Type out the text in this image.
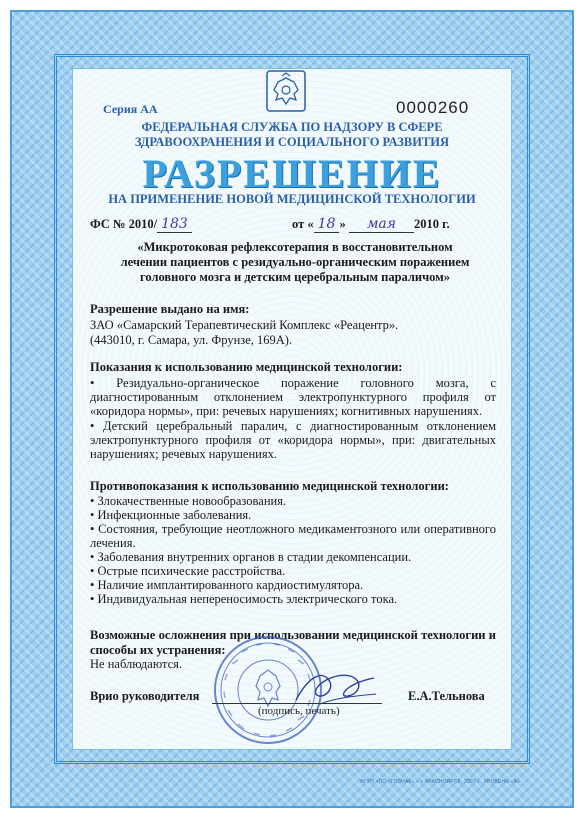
Серия АА	0000260
ФЕДЕРАЛЬНАЯ СЛУЖБА ПО НАДЗОРУ В СФЕРЕ
ЗДРАВООХРАНЕНИЯ И СОЦИАЛЬНОГО РАЗВИТИЯ
РАЗРЕШЕНИЕ
НА ПРИМЕНЕНИЕ НОВОЙ МЕДИЦИНСКОЙ ТЕХНОЛОГИИ
ФС № 2010/ 183	от « 18 » мая 2010 г.
«Микротоковая рефлексотерапия в восстановительном
лечении пациентов с резидуально-органическим поражением
головного мозга и детским церебральным параличом»
Разрешение выдано на имя:
ЗАО «Самарский Терапевтический Комплекс «Реацентр».
(443010, г. Самара, ул. Фрунзе, 169А).
Показания к использованию медицинской технологии:
• Резидуально-органическое поражение головного мозга, с диагностированным отклонением электропунктурного профиля от «коридора нормы», при: речевых нарушениях; когнитивных нарушениях.
• Детский церебральный паралич, с диагностированным отклонением электропунктурного профиля от «коридора нормы», при: двигательных нарушениях; речевых нарушениях.
Противопоказания к использованию медицинской технологии:
• Злокачественные новообразования.
• Инфекционные заболевания.
• Состояния, требующие неотложного медикаментозного или оперативного лечения.
• Заболевания внутренних органов в стадии декомпенсации.
• Острые психические расстройства.
• Наличие имплантированного кардиостимулятора.
• Индивидуальная непереносимость электрического тока.
Возможные осложнения при использовании медицинской технологии и способы их устранения:
Не наблюдаются.
Врио руководителя
(подпись, печать)
Е.А.Тельнова
ФГУП «ПО «ГОЗНАК» – г. КРАСНОЯРСК, 2007 г., УРОВЕНЬ «В»
